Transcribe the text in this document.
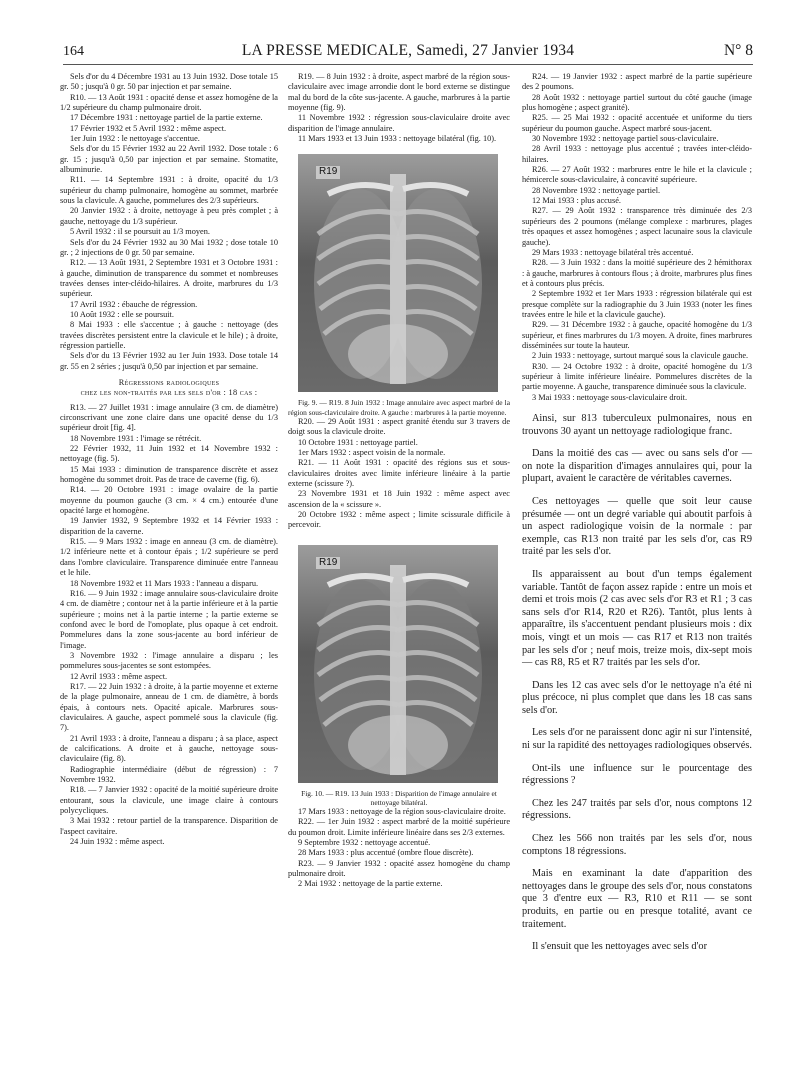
164	LA PRESSE MEDICALE, Samedi, 27 Janvier 1934	N° 8

Sels d'or du 4 Décembre 1931 au 13 Juin 1932. Dose totale 15 gr. 50 ; jusqu'à 0 gr. 50 par injection et par semaine.

R10. — 13 Août 1931 : opacité dense et assez homogène de la 1/2 supérieure du champ pulmonaire droit.

17 Décembre 1931 : nettoyage partiel de la partie externe.

17 Février 1932 et 5 Avril 1932 : même aspect.

1er Juin 1932 : le nettoyage s'accentue.

Sels d'or du 15 Février 1932 au 22 Avril 1932. Dose totale : 6 gr. 15 ; jusqu'à 0,50 par injection et par semaine. Stomatite, albuminurie.

R11. — 14 Septembre 1931 : à droite, opacité du 1/3 supérieur du champ pulmonaire, homogène au sommet, marbrée sous la clavicule. A gauche, pommelures des 2/3 supérieurs.

20 Janvier 1932 : à droite, nettoyage à peu près complet ; à gauche, nettoyage du 1/3 supérieur.

5 Avril 1932 : il se poursuit au 1/3 moyen.

Sels d'or du 24 Février 1932 au 30 Mai 1932 ; dose totale 10 gr. ; 2 injections de 0 gr. 50 par semaine.

R12. — 13 Août 1931, 2 Septembre 1931 et 3 Octobre 1931 : à gauche, diminution de transparence du sommet et nombreuses travées denses inter-cléido-hilaires. A droite, marbrures du 1/3 supérieur.

17 Avril 1932 : ébauche de régression.

10 Août 1932 : elle se poursuit.

8 Mai 1933 : elle s'accentue ; à gauche : nettoyage (des travées discrètes persistent entre la clavicule et le hile) ; à droite, régression partielle.

Sels d'or du 13 Février 1932 au 1er Juin 1933. Dose totale 14 gr. 55 en 2 séries ; jusqu'à 0,50 par injection et par semaine.

Régressions radiologiques

chez les non-traités par les sels d'or : 18 cas :

R13. — 27 Juillet 1931 : image annulaire (3 cm. de diamètre) circonscrivant une zone claire dans une opacité dense du 1/3 supérieur droit [fig. 4].

18 Novembre 1931 : l'image se rétrécit.

22 Février 1932, 11 Juin 1932 et 14 Novembre 1932 : nettoyage (fig. 5).

15 Mai 1933 : diminution de transparence discrète et assez homogène du sommet droit. Pas de trace de caverne (fig. 6).

R14. — 20 Octobre 1931 : image ovalaire de la partie moyenne du poumon gauche (3 cm. × 4 cm.) entourée d'une opacité large et homogène.

19 Janvier 1932, 9 Septembre 1932 et 14 Février 1933 : disparition de la caverne.

R15. — 9 Mars 1932 : image en anneau (3 cm. de diamètre). 1/2 inférieure nette et à contour épais ; 1/2 supérieure se perd dans l'ombre claviculaire. Transparence diminuée entre l'anneau et le hile.

18 Novembre 1932 et 11 Mars 1933 : l'anneau a disparu.

R16. — 9 Juin 1932 : image annulaire sous-claviculaire droite 4 cm. de diamètre ; contour net à la partie inférieure et à la partie supérieure ; moins net à la partie interne ; la partie externe se confond avec le bord de l'omoplate, plus opaque à cet endroit. Pommelures dans la zone sous-jacente au bord inférieur de l'image.

3 Novembre 1932 : l'image annulaire a disparu ; les pommelures sous-jacentes se sont estompées.

12 Avril 1933 : même aspect.

R17. — 22 Juin 1932 : à droite, à la partie moyenne et externe de la plage pulmonaire, anneau de 1 cm. de diamètre, à bords épais, à contours nets. Opacité apicale. Marbrures sous-claviculaires. A gauche, aspect pommelé sous la clavicule (fig. 7).

21 Avril 1933 : à droite, l'anneau a disparu ; à sa place, aspect de calcifications. A droite et à gauche, nettoyage sous-claviculaire (fig. 8).

Radiographie intermédiaire (début de régression) : 7 Novembre 1932.

R18. — 7 Janvier 1932 : opacité de la moitié supérieure droite entourant, sous la clavicule, une image claire à contours polycycliques.

3 Mai 1932 : retour partiel de la transparence. Disparition de l'aspect cavitaire.

24 Juin 1932 : même aspect.

R19. — 8 Juin 1932 : à droite, aspect marbré de la région sous-claviculaire avec image arrondie dont le bord externe se distingue mal du bord de la côte sus-jacente. A gauche, marbrures à la partie moyenne (fig. 9).

11 Novembre 1932 : régression sous-claviculaire droite avec disparition de l'image annulaire.

11 Mars 1933 et 13 Juin 1933 : nettoyage bilatéral (fig. 10).

R19

Fig. 9. — R19. 8 Juin 1932 : Image annulaire avec aspect marbré de la région sous-claviculaire droite. A gauche : marbrures à la partie moyenne.

R20. — 29 Août 1931 : aspect granité étendu sur 3 travers de doigt sous la clavicule droite.

10 Octobre 1931 : nettoyage partiel.

1er Mars 1932 : aspect voisin de la normale.

R21. — 11 Août 1931 : opacité des régions sus et sous-claviculaires droites avec limite inférieure linéaire à la partie externe (scissure ?).

23 Novembre 1931 et 18 Juin 1932 : même aspect avec ascension de la « scissure ».

20 Octobre 1932 : même aspect ; limite scissurale difficile à percevoir.

R19

Fig. 10. — R19. 13 Juin 1933 : Disparition de l'image annulaire et nettoyage bilatéral.

17 Mars 1933 : nettoyage de la région sous-claviculaire droite.

R22. — 1er Juin 1932 : aspect marbré de la moitié supérieure du poumon droit. Limite inférieure linéaire dans ses 2/3 externes.

9 Septembre 1932 : nettoyage accentué.

28 Mars 1933 : plus accentué (ombre floue discrète).

R23. — 9 Janvier 1932 : opacité assez homogène du champ pulmonaire droit.

2 Mai 1932 : nettoyage de la partie externe.

R24. — 19 Janvier 1932 : aspect marbré de la partie supérieure des 2 poumons.

28 Août 1932 : nettoyage partiel surtout du côté gauche (image plus homogène ; aspect granité).

R25. — 25 Mai 1932 : opacité accentuée et uniforme du tiers supérieur du poumon gauche. Aspect marbré sous-jacent.

30 Novembre 1932 : nettoyage partiel sous-claviculaire.

28 Avril 1933 : nettoyage plus accentué ; travées inter-cléido-hilaires.

R26. — 27 Août 1932 : marbrures entre le hile et la clavicule ; hémicercle sous-claviculaire, à concavité supérieure.

28 Novembre 1932 : nettoyage partiel.

12 Mai 1933 : plus accusé.

R27. — 29 Août 1932 : transparence très diminuée des 2/3 supérieurs des 2 poumons (mélange complexe : marbrures, plages très opaques et assez homogènes ; aspect lacunaire sous la clavicule gauche).

29 Mars 1933 : nettoyage bilatéral très accentué.

R28. — 3 Juin 1932 : dans la moitié supérieure des 2 hémithorax : à gauche, marbrures à contours flous ; à droite, marbrures plus fines et à contours plus précis.

2 Septembre 1932 et 1er Mars 1933 : régression bilatérale qui est presque complète sur la radiographie du 3 Juin 1933 (noter les fines travées entre le hile et la clavicule gauche).

R29. — 31 Décembre 1932 : à gauche, opacité homogène du 1/3 supérieur, et fines marbrures du 1/3 moyen. A droite, fines marbrures disséminées sur toute la hauteur.

2 Juin 1933 : nettoyage, surtout marqué sous la clavicule gauche.

R30. — 24 Octobre 1932 : à droite, opacité homogène du 1/3 supérieur à limite inférieure linéaire. Pommelures discrètes de la partie moyenne. A gauche, transparence diminuée sous la clavicule.

3 Mai 1933 : nettoyage sous-claviculaire droit.

Ainsi, sur 813 tuberculeux pulmonaires, nous en trouvons 30 ayant un nettoyage radiologique franc.

Dans la moitié des cas — avec ou sans sels d'or — on note la disparition d'images annulaires qui, pour la plupart, avaient le caractère de véritables cavernes.

Ces nettoyages — quelle que soit leur cause présumée — ont un degré variable qui aboutit parfois à un aspect radiologique voisin de la normale : par exemple, cas R13 non traité par les sels d'or, cas R9 traité par les sels d'or.

Ils apparaissent au bout d'un temps également variable. Tantôt de façon assez rapide : entre un mois et demi et trois mois (2 cas avec sels d'or R3 et R1 ; 3 cas sans sels d'or R14, R20 et R26). Tantôt, plus lents à apparaître, ils s'accentuent pendant plusieurs mois : dix mois, vingt et un mois — cas R17 et R13 non traités par les sels d'or ; neuf mois, treize mois, dix-sept mois — cas R8, R5 et R7 traités par les sels d'or.

Dans les 12 cas avec sels d'or le nettoyage n'a été ni plus précoce, ni plus complet que dans les 18 cas sans sels d'or.

Les sels d'or ne paraissent donc agir ni sur l'intensité, ni sur la rapidité des nettoyages radiologiques observés.

Ont-ils une influence sur le pourcentage des régressions ?

Chez les 247 traités par sels d'or, nous comptons 12 régressions.

Chez les 566 non traités par les sels d'or, nous comptons 18 régressions.

Mais en examinant la date d'apparition des nettoyages dans le groupe des sels d'or, nous constatons que 3 d'entre eux — R3, R10 et R11 — se sont produits, en partie ou en presque totalité, avant ce traitement.

Il s'ensuit que les nettoyages avec sels d'or
